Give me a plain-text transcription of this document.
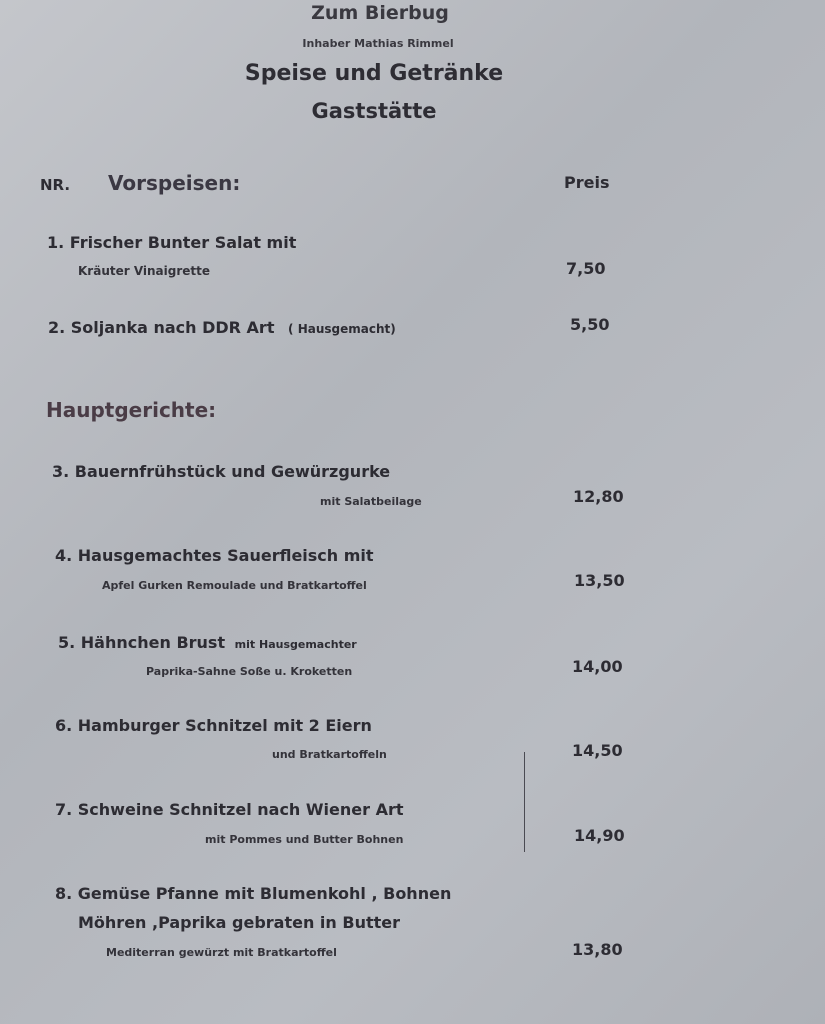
Zum Bierbug
Inhaber Mathias Rimmel
Speise und Getränke
Gaststätte
NR. Vorspeisen:	Preis
1. Frischer Bunter Salat mit
Kräuter Vinaigrette	7,50
2. Soljanka nach DDR Art ( Hausgemacht)	5,50
Hauptgerichte:
3. Bauernfrühstück und Gewürzgurke
mit Salatbeilage	12,80
4. Hausgemachtes Sauerfleisch mit
Apfel Gurken Remoulade und Bratkartoffel	13,50
5. Hähnchen Brust mit Hausgemachter
Paprika-Sahne Soße u. Kroketten	14,00
6. Hamburger Schnitzel mit 2 Eiern
und Bratkartoffeln	14,50
7. Schweine Schnitzel nach Wiener Art
mit Pommes und Butter Bohnen	14,90
8. Gemüse Pfanne mit Blumenkohl , Bohnen
Möhren ,Paprika gebraten in Butter
Mediterran gewürzt mit Bratkartoffel	13,80
